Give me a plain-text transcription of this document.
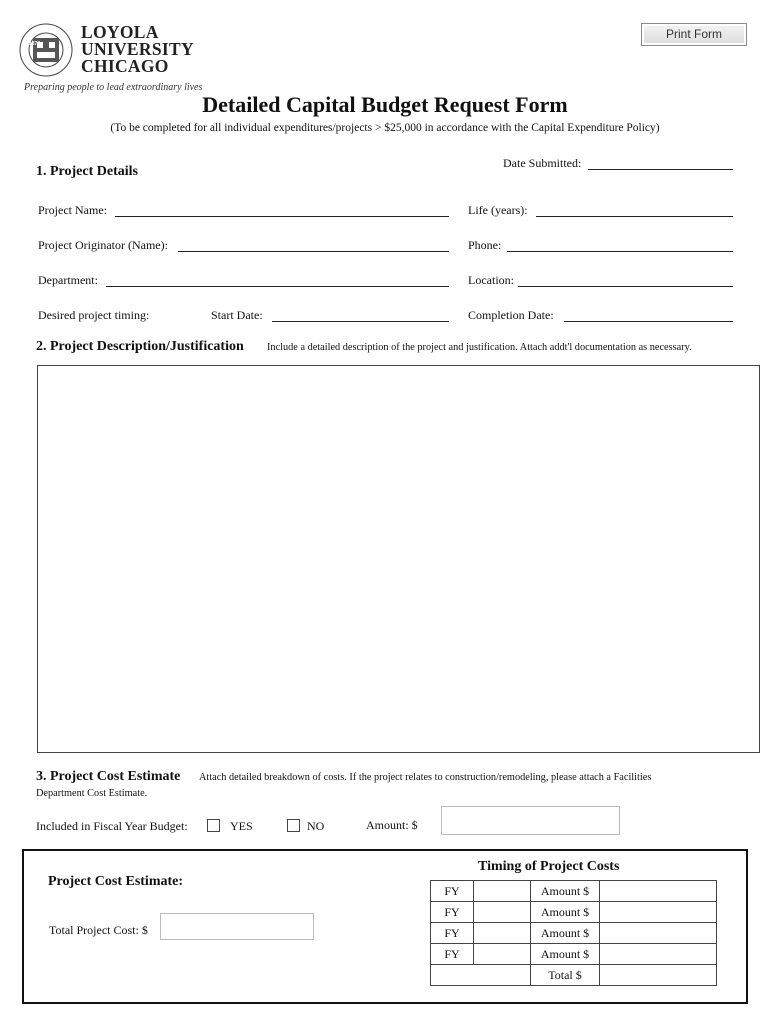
1870
LOYOLA
UNIVERSITY
CHICAGO
Preparing people to lead extraordinary lives
Print Form
Detailed Capital Budget Request Form
(To be completed for all individual expenditures/projects > $25,000 in accordance with the Capital Expenditure Policy)
1. Project Details
Date Submitted:
Project Name:	Life (years):
Project Originator (Name):	Phone:
Department:	Location:
Desired project timing:	Start Date:	Completion Date:
2. Project Description/Justification Include a detailed description of the project and justification. Attach addt'l documentation as necessary.
3. Project Cost Estimate Attach detailed breakdown of costs. If the project relates to construction/remodeling, please attach a Facilities
Department Cost Estimate.
Included in Fiscal Year Budget:	YES	NO	Amount: $
Project Cost Estimate:
Total Project Cost: $
Timing of Project Costs
FY		Amount $	
FY		Amount $	
FY		Amount $	
FY		Amount $	
		Total $	
